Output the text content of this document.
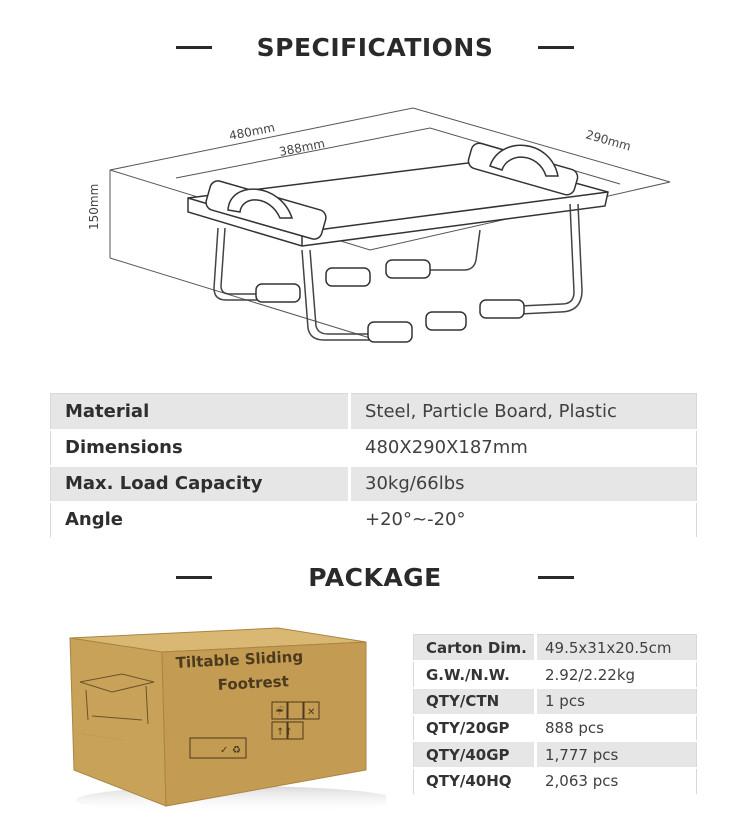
SPECIFICATIONS
480mm
388mm	290mm
150mm
Material	Steel, Particle Board, Plastic
Dimensions	480X290X187mm
Max. Load Capacity	30kg/66lbs
Angle	+20°~-20°
PACKAGE
. . . . . . . . . . . . . . . . .
Tiltable Sliding
Footrest
☔ ✕
↑↑
✓ ♻
Carton Dim.	49.5x31x20.5cm
G.W./N.W.	2.92/2.22kg
QTY/CTN	1 pcs
QTY/20GP	888 pcs
QTY/40GP	1,777 pcs
QTY/40HQ	2,063 pcs
